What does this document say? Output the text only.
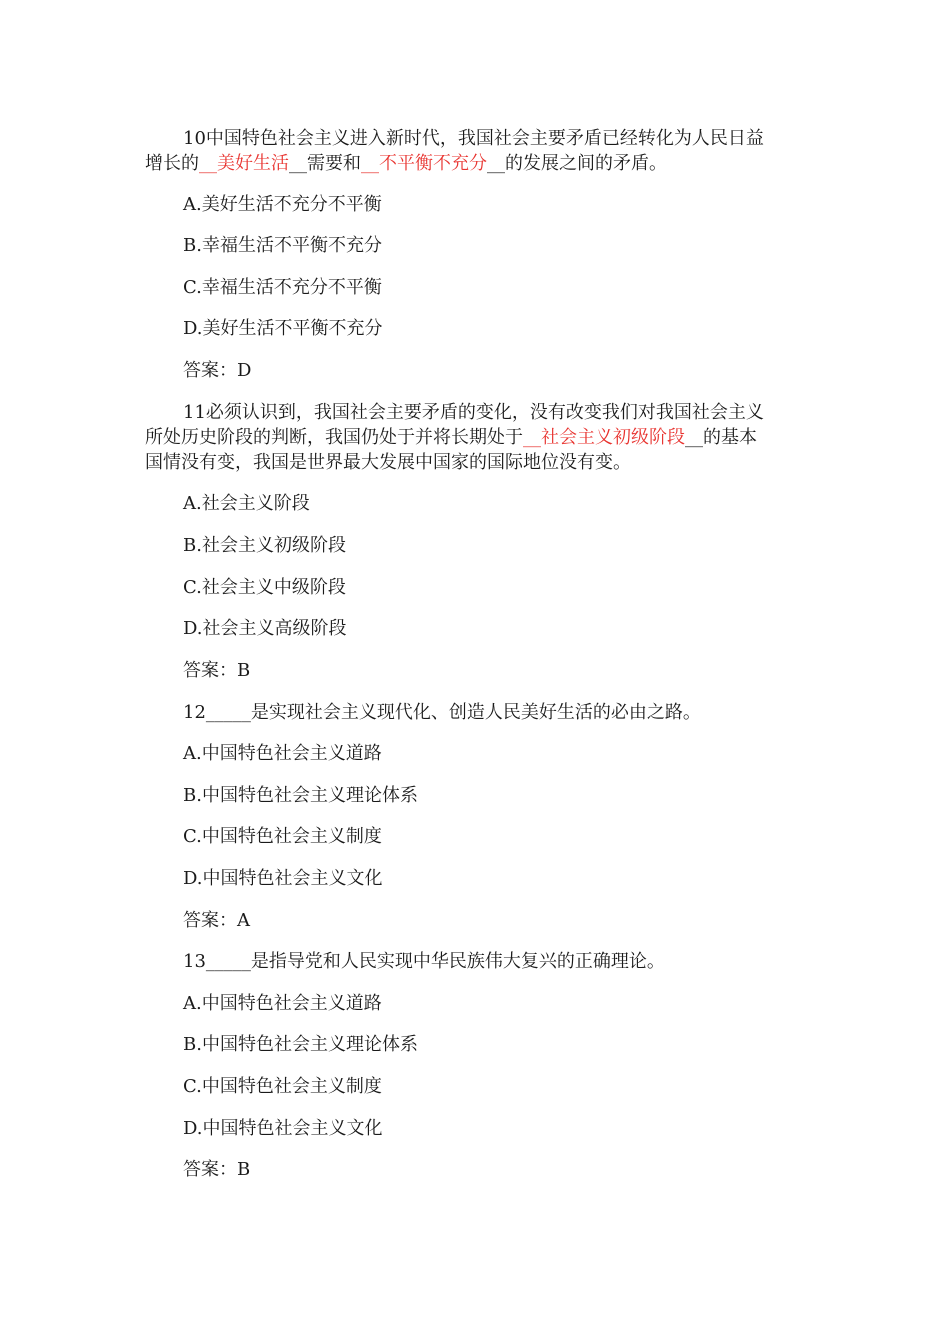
10中国特色社会主义进入新时代，我国社会主要矛盾已经转化为人民日益
增长的__美好生活__需要和__不平衡不充分__的发展之间的矛盾。
A.美好生活不充分不平衡
B.幸福生活不平衡不充分
C.幸福生活不充分不平衡
D.美好生活不平衡不充分
答案：D
11必须认识到，我国社会主要矛盾的变化，没有改变我们对我国社会主义
所处历史阶段的判断，我国仍处于并将长期处于__社会主义初级阶段__的基本
国情没有变，我国是世界最大发展中国家的国际地位没有变。
A.社会主义阶段
B.社会主义初级阶段
C.社会主义中级阶段
D.社会主义高级阶段
答案：B
12_____是实现社会主义现代化、创造人民美好生活的必由之路。
A.中国特色社会主义道路
B.中国特色社会主义理论体系
C.中国特色社会主义制度
D.中国特色社会主义文化
答案：A
13_____是指导党和人民实现中华民族伟大复兴的正确理论。
A.中国特色社会主义道路
B.中国特色社会主义理论体系
C.中国特色社会主义制度
D.中国特色社会主义文化
答案：B
